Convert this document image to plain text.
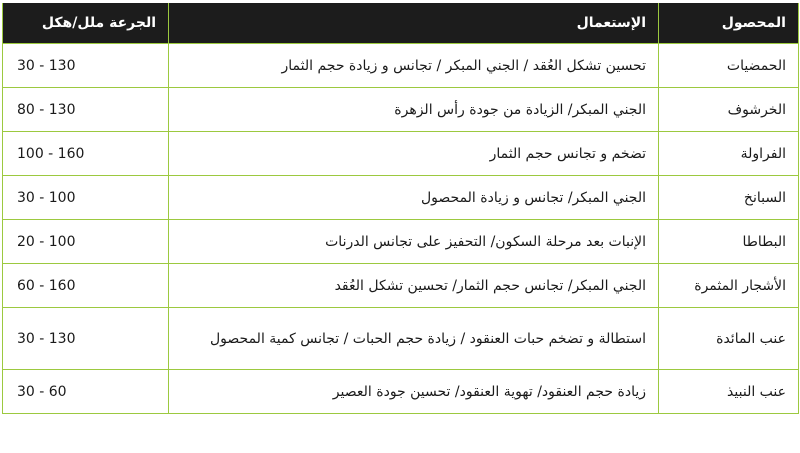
المحصول	الإستعمال	الجرعة ملل/هكل
الحمضيات	تحسين تشكل العُقد / الجني المبكر / تجانس و زيادة حجم الثمار	30 - 130
الخرشوف	الجني المبكر/ الزيادة من جودة رأس الزهرة	80 - 130
الفراولة	تضخم و تجانس حجم الثمار	100 - 160
السبانخ	الجني المبكر/ تجانس و زيادة المحصول	30 - 100
البطاطا	الإنبات بعد مرحلة السكون/ التحفيز على تجانس الدرنات	20 - 100
الأشجار المثمرة	الجني المبكر/ تجانس حجم الثمار/ تحسين تشكل العُقد	60 - 160
عنب المائدة	استطالة و تضخم حبات العنقود / زيادة حجم الحبات / تجانس كمية المحصول	30 - 130
عنب النبيذ	زيادة حجم العنقود/ تهوية العنقود/ تحسين جودة العصير	30 - 60
